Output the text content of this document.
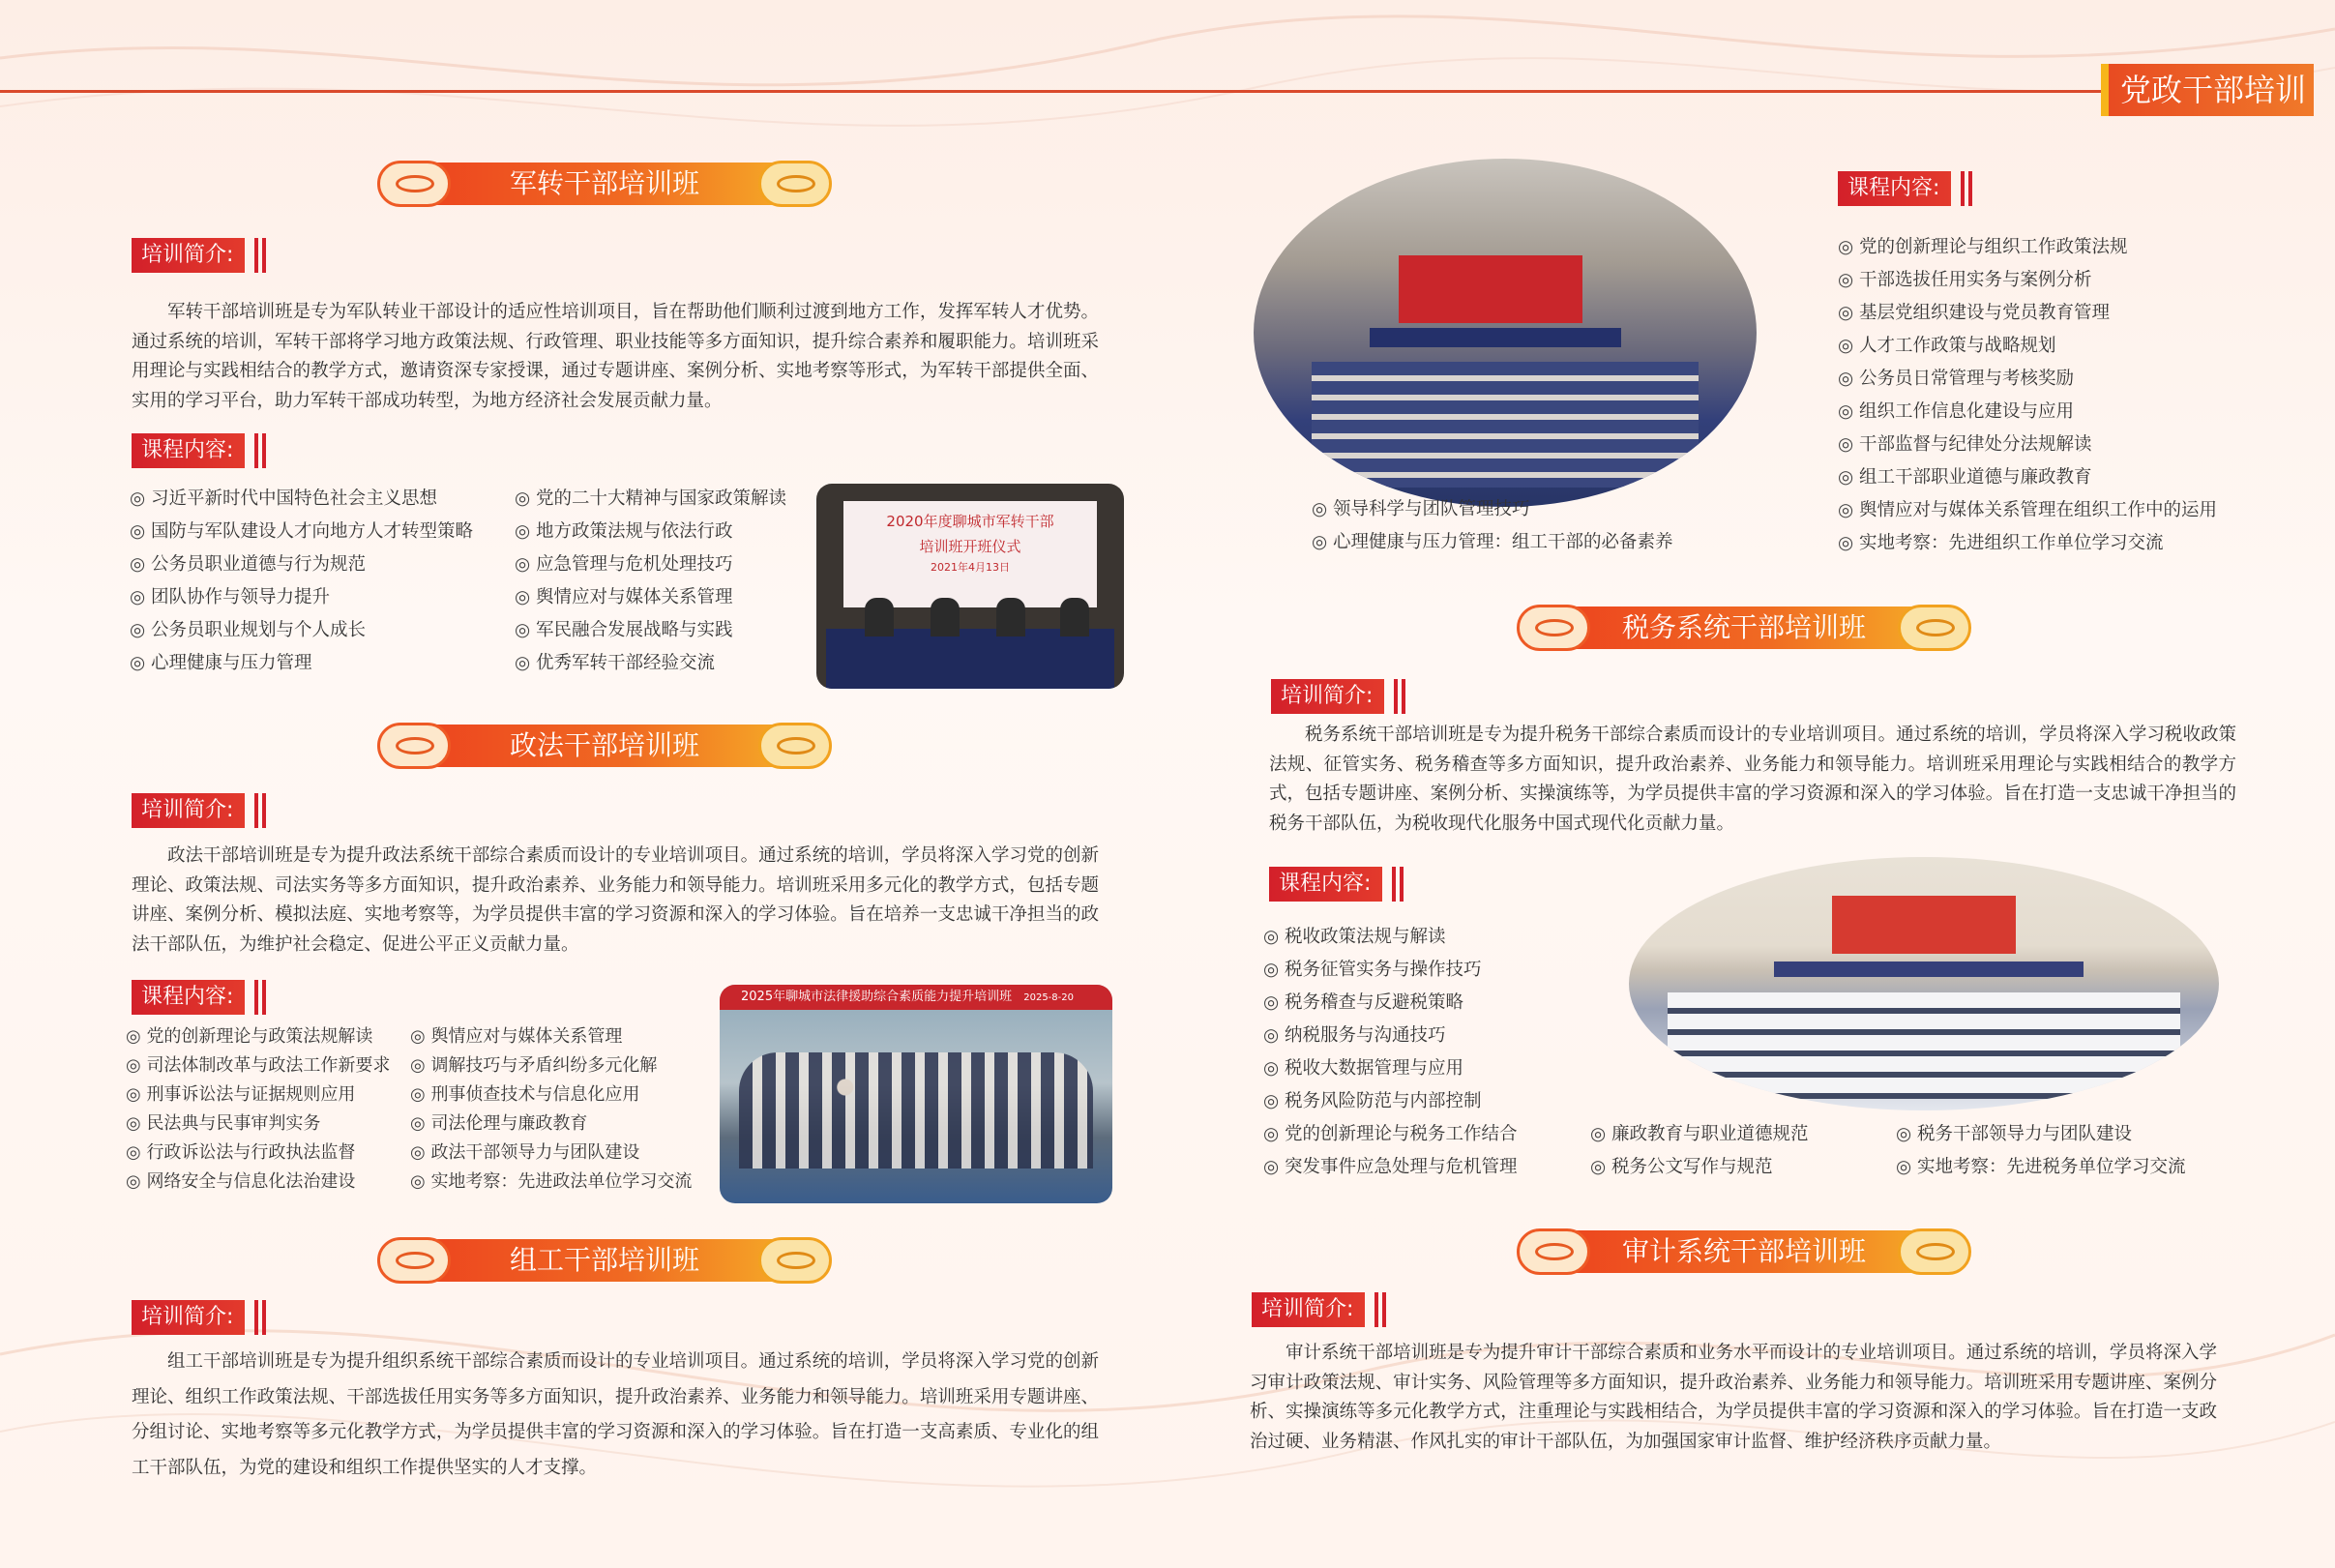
党政干部培训
军转干部培训班
培训简介:
军转干部培训班是专为军队转业干部设计的适应性培训项目，旨在帮助他们顺利过渡到地方工作，发挥军转人才优势。通过系统的培训，军转干部将学习地方政策法规、行政管理、职业技能等多方面知识，提升综合素养和履职能力。培训班采用理论与实践相结合的教学方式，邀请资深专家授课，通过专题讲座、案例分析、实地考察等形式，为军转干部提供全面、实用的学习平台，助力军转干部成功转型，为地方经济社会发展贡献力量。
课程内容:
◎ 习近平新时代中国特色社会主义思想
◎ 国防与军队建设人才向地方人才转型策略
◎ 公务员职业道德与行为规范
◎ 团队协作与领导力提升
◎ 公务员职业规划与个人成长
◎ 心理健康与压力管理
◎ 党的二十大精神与国家政策解读
◎ 地方政策法规与依法行政
◎ 应急管理与危机处理技巧
◎ 舆情应对与媒体关系管理
◎ 军民融合发展战略与实践
◎ 优秀军转干部经验交流
2020年度聊城市军转干部
培训班开班仪式
2021年4月13日
政法干部培训班
培训简介:
政法干部培训班是专为提升政法系统干部综合素质而设计的专业培训项目。通过系统的培训，学员将深入学习党的创新理论、政策法规、司法实务等多方面知识，提升政治素养、业务能力和领导能力。培训班采用多元化的教学方式，包括专题讲座、案例分析、模拟法庭、实地考察等，为学员提供丰富的学习资源和深入的学习体验。旨在培养一支忠诚干净担当的政法干部队伍，为维护社会稳定、促进公平正义贡献力量。
课程内容:
◎ 党的创新理论与政策法规解读
◎ 司法体制改革与政法工作新要求
◎ 刑事诉讼法与证据规则应用
◎ 民法典与民事审判实务
◎ 行政诉讼法与行政执法监督
◎ 网络安全与信息化法治建设
◎ 舆情应对与媒体关系管理
◎ 调解技巧与矛盾纠纷多元化解
◎ 刑事侦查技术与信息化应用
◎ 司法伦理与廉政教育
◎ 政法干部领导力与团队建设
◎ 实地考察：先进政法单位学习交流
2025年聊城市法律援助综合素质能力提升培训班 2025-8-20
组工干部培训班
培训简介:
组工干部培训班是专为提升组织系统干部综合素质而设计的专业培训项目。通过系统的培训，学员将深入学习党的创新理论、组织工作政策法规、干部选拔任用实务等多方面知识，提升政治素养、业务能力和领导能力。培训班采用专题讲座、分组讨论、实地考察等多元化教学方式，为学员提供丰富的学习资源和深入的学习体验。旨在打造一支高素质、专业化的组工干部队伍，为党的建设和组织工作提供坚实的人才支撑。
◎ 领导科学与团队管理技巧
◎ 心理健康与压力管理：组工干部的必备素养
课程内容:
◎ 党的创新理论与组织工作政策法规
◎ 干部选拔任用实务与案例分析
◎ 基层党组织建设与党员教育管理
◎ 人才工作政策与战略规划
◎ 公务员日常管理与考核奖励
◎ 组织工作信息化建设与应用
◎ 干部监督与纪律处分法规解读
◎ 组工干部职业道德与廉政教育
◎ 舆情应对与媒体关系管理在组织工作中的运用
◎ 实地考察：先进组织工作单位学习交流
税务系统干部培训班
培训简介:
税务系统干部培训班是专为提升税务干部综合素质而设计的专业培训项目。通过系统的培训，学员将深入学习税收政策法规、征管实务、税务稽查等多方面知识，提升政治素养、业务能力和领导能力。培训班采用理论与实践相结合的教学方式，包括专题讲座、案例分析、实操演练等，为学员提供丰富的学习资源和深入的学习体验。旨在打造一支忠诚干净担当的税务干部队伍，为税收现代化服务中国式现代化贡献力量。
课程内容:
◎ 税收政策法规与解读
◎ 税务征管实务与操作技巧
◎ 税务稽查与反避税策略
◎ 纳税服务与沟通技巧
◎ 税收大数据管理与应用
◎ 税务风险防范与内部控制
◎ 党的创新理论与税务工作结合
◎ 突发事件应急处理与危机管理
◎ 廉政教育与职业道德规范
◎ 税务公文写作与规范
◎ 税务干部领导力与团队建设
◎ 实地考察：先进税务单位学习交流
审计系统干部培训班
培训简介:
审计系统干部培训班是专为提升审计干部综合素质和业务水平而设计的专业培训项目。通过系统的培训，学员将深入学习审计政策法规、审计实务、风险管理等多方面知识，提升政治素养、业务能力和领导能力。培训班采用专题讲座、案例分析、实操演练等多元化教学方式，注重理论与实践相结合，为学员提供丰富的学习资源和深入的学习体验。旨在打造一支政治过硬、业务精湛、作风扎实的审计干部队伍，为加强国家审计监督、维护经济秩序贡献力量。
